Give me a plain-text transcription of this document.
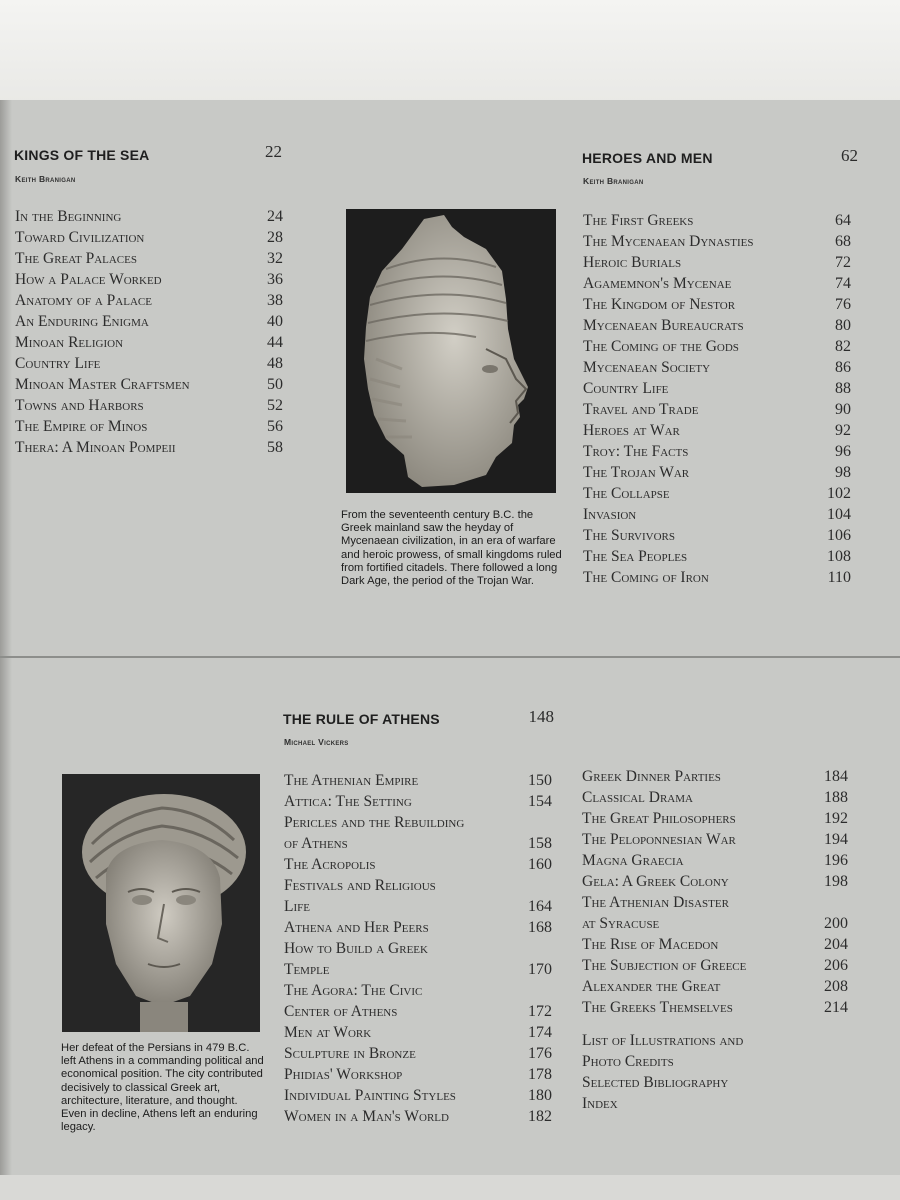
KINGS OF THE SEA	22
Keith Branigan
In the Beginning	24
Toward Civilization	28
The Great Palaces	32
How a Palace Worked	36
Anatomy of a Palace	38
An Enduring Enigma	40
Minoan Religion	44
Country Life	48
Minoan Master Craftsmen	50
Towns and Harbors	52
The Empire of Minos	56
Thera: A Minoan Pompeii	58
From the seventeenth century B.C. the Greek mainland saw the heyday of Mycenaean civilization, in an era of warfare and heroic prowess, of small kingdoms ruled from fortified citadels. There followed a long Dark Age, the period of the Trojan War.
HEROES AND MEN	62
Keith Branigan
The First Greeks	64
The Mycenaean Dynasties	68
Heroic Burials	72
Agamemnon's Mycenae	74
The Kingdom of Nestor	76
Mycenaean Bureaucrats	80
The Coming of the Gods	82
Mycenaean Society	86
Country Life	88
Travel and Trade	90
Heroes at War	92
Troy: The Facts	96
The Trojan War	98
The Collapse	102
Invasion	104
The Survivors	106
The Sea Peoples	108
The Coming of Iron	110
THE RULE OF ATHENS	148
Michael Vickers
The Athenian Empire	150
Attica: The Setting	154
Pericles and the Rebuilding
of Athens	158
The Acropolis	160
Festivals and Religious
Life	164
Athena and Her Peers	168
How to Build a Greek
Temple	170
The Agora: The Civic
Center of Athens	172
Men at Work	174
Sculpture in Bronze	176
Phidias' Workshop	178
Individual Painting Styles	180
Women in a Man's World	182
Greek Dinner Parties	184
Classical Drama	188
The Great Philosophers	192
The Peloponnesian War	194
Magna Graecia	196
Gela: A Greek Colony	198
The Athenian Disaster
at Syracuse	200
The Rise of Macedon	204
The Subjection of Greece	206
Alexander the Great	208
The Greeks Themselves	214
List of Illustrations and
Photo Credits
Selected Bibliography
Index
Her defeat of the Persians in 479 B.C. left Athens in a commanding political and economical position. The city contributed decisively to classical Greek art, architecture, literature, and thought. Even in decline, Athens left an enduring legacy.
